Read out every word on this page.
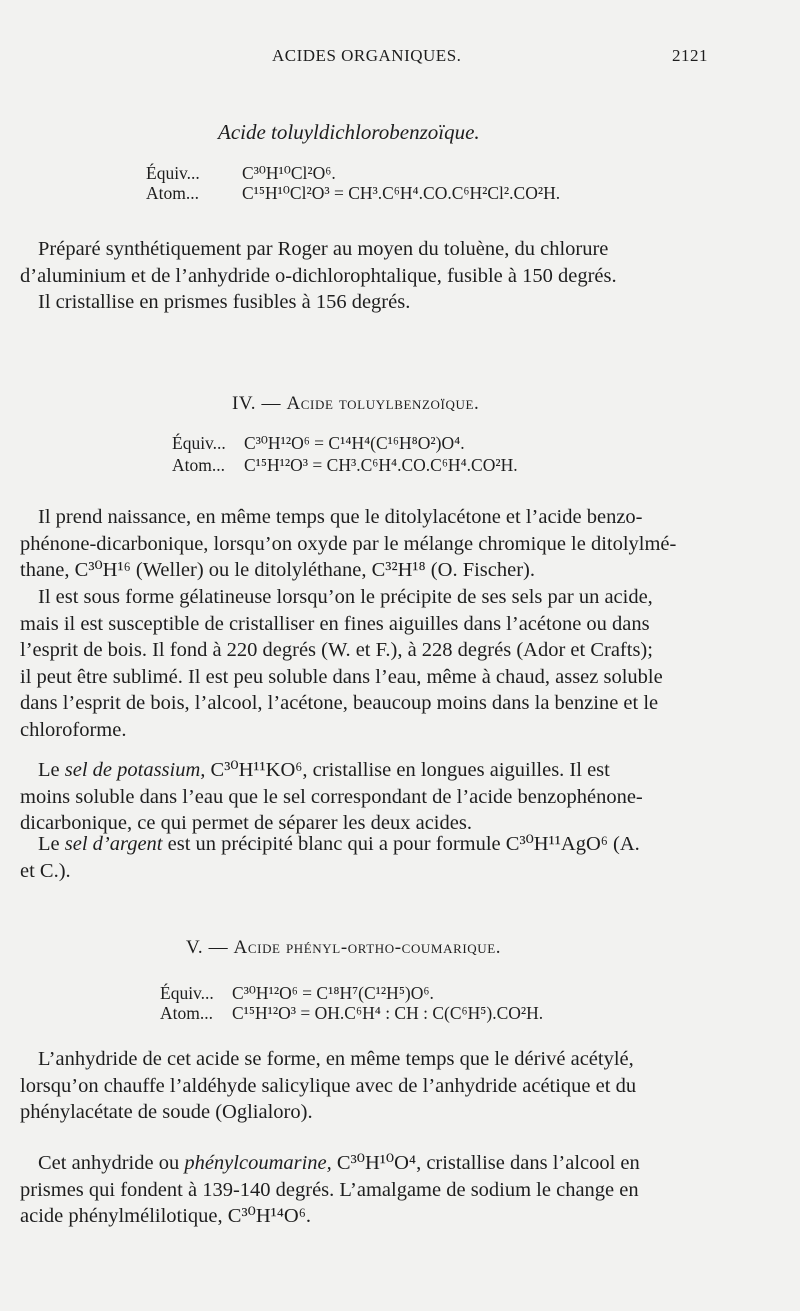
ACIDES ORGANIQUES.	2121
Acide toluyldichlorobenzoïque.
Équiv... C³⁰H¹⁰Cl²O⁶.
Atom... C¹⁵H¹⁰Cl²O³ = CH³.C⁶H⁴.CO.C⁶H²Cl².CO²H.
Préparé synthétiquement par Roger au moyen du toluène, du chlorure
d’aluminium et de l’anhydride o-dichlorophtalique, fusible à 150 degrés.
Il cristallise en prismes fusibles à 156 degrés.
IV. — Acide toluylbenzoïque.
Équiv... C³⁰H¹²O⁶ = C¹⁴H⁴(C¹⁶H⁸O²)O⁴.
Atom... C¹⁵H¹²O³ = CH³.C⁶H⁴.CO.C⁶H⁴.CO²H.
Il prend naissance, en même temps que le ditolylacétone et l’acide benzo-
phénone-dicarbonique, lorsqu’on oxyde par le mélange chromique le ditolylmé-
thane, C³⁰H¹⁶ (Weller) ou le ditolyléthane, C³²H¹⁸ (O. Fischer).
Il est sous forme gélatineuse lorsqu’on le précipite de ses sels par un acide,
mais il est susceptible de cristalliser en fines aiguilles dans l’acétone ou dans
l’esprit de bois. Il fond à 220 degrés (W. et F.), à 228 degrés (Ador et Crafts);
il peut être sublimé. Il est peu soluble dans l’eau, même à chaud, assez soluble
dans l’esprit de bois, l’alcool, l’acétone, beaucoup moins dans la benzine et le
chloroforme.
Le sel de potassium, C³⁰H¹¹KO⁶, cristallise en longues aiguilles. Il est
moins soluble dans l’eau que le sel correspondant de l’acide benzophénone-
dicarbonique, ce qui permet de séparer les deux acides.
Le sel d’argent est un précipité blanc qui a pour formule C³⁰H¹¹AgO⁶ (A.
et C.).
V. — Acide phényl-ortho-coumarique.
Équiv... C³⁰H¹²O⁶ = C¹⁸H⁷(C¹²H⁵)O⁶.
Atom... C¹⁵H¹²O³ = OH.C⁶H⁴ : CH : C(C⁶H⁵).CO²H.
L’anhydride de cet acide se forme, en même temps que le dérivé acétylé,
lorsqu’on chauffe l’aldéhyde salicylique avec de l’anhydride acétique et du
phénylacétate de soude (Oglialoro).
Cet anhydride ou phénylcoumarine, C³⁰H¹⁰O⁴, cristallise dans l’alcool en
prismes qui fondent à 139-140 degrés. L’amalgame de sodium le change en
acide phénylmélilotique, C³⁰H¹⁴O⁶.
